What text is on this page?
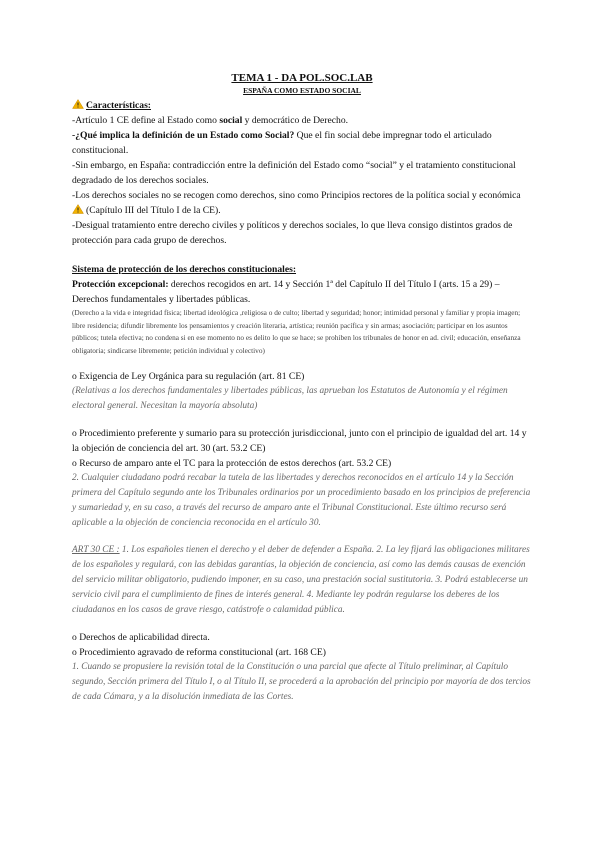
TEMA 1 - DA POL.SOC.LAB
ESPAÑA COMO ESTADO SOCIAL

Características:

-Artículo 1 CE define al Estado como social y democrático de Derecho.

-¿Qué implica la definición de un Estado como Social? Que el fin social debe impregnar todo el articulado constitucional.

-Sin embargo, en España: contradicción entre la definición del Estado como “social” y el tratamiento constitucional degradado de los derechos sociales.

-Los derechos sociales no se recogen como derechos, sino como Principios rectores de la política social y económica (Capítulo III del Título I de la CE).

-Desigual tratamiento entre derecho civiles y políticos y derechos sociales, lo que lleva consigo distintos grados de protección para cada grupo de derechos.

Sistema de protección de los derechos constitucionales:

Protección excepcional: derechos recogidos en art. 14 y Sección 1ª del Capítulo II del Título I (arts. 15 a 29) – Derechos fundamentales y libertades públicas.

(Derecho a la vida e integridad física; libertad ideológica ,religiosa o de culto; libertad y seguridad; honor; intimidad personal y familiar y propia imagen; libre residencia; difundir libremente los pensamientos y creación literaria, artística; reunión pacífica y sin armas; asociación; participar en los asuntos públicos; tutela efectiva; no condena si en ese momento no es delito lo que se hace; se prohiben los tribunales de honor en ad. civil; educación, enseñanza obligatoria; sindicarse libremente; petición individual y colectivo)

o Exigencia de Ley Orgánica para su regulación (art. 81 CE)

(Relativas a los derechos fundamentales y libertades públicas, las aprueban los Estatutos de Autonomía y el régimen electoral general. Necesitan la mayoría absoluta)

o Procedimiento preferente y sumario para su protección jurisdiccional, junto con el principio de igualdad del art. 14 y la objeción de conciencia del art. 30 (art. 53.2 CE)

o Recurso de amparo ante el TC para la protección de estos derechos (art. 53.2 CE)

2. Cualquier ciudadano podrá recabar la tutela de las libertades y derechos reconocidos en el artículo 14 y la Sección primera del Capítulo segundo ante los Tribunales ordinarios por un procedimiento basado en los principios de preferencia y sumariedad y, en su caso, a través del recurso de amparo ante el Tribunal Constitucional. Este último recurso será aplicable a la objeción de conciencia reconocida en el artículo 30.

ART 30 CE : 1. Los españoles tienen el derecho y el deber de defender a España. 2. La ley fijará las obligaciones militares de los españoles y regulará, con las debidas garantías, la objeción de conciencia, así como las demás causas de exención del servicio militar obligatorio, pudiendo imponer, en su caso, una prestación social sustitutoria. 3. Podrá establecerse un servicio civil para el cumplimiento de fines de interés general. 4. Mediante ley podrán regularse los deberes de los ciudadanos en los casos de grave riesgo, catástrofe o calamidad pública.

o Derechos de aplicabilidad directa.

o Procedimiento agravado de reforma constitucional (art. 168 CE)

1. Cuando se propusiere la revisión total de la Constitución o una parcial que afecte al Título preliminar, al Capítulo segundo, Sección primera del Título I, o al Título II, se procederá a la aprobación del principio por mayoría de dos tercios de cada Cámara, y a la disolución inmediata de las Cortes.
